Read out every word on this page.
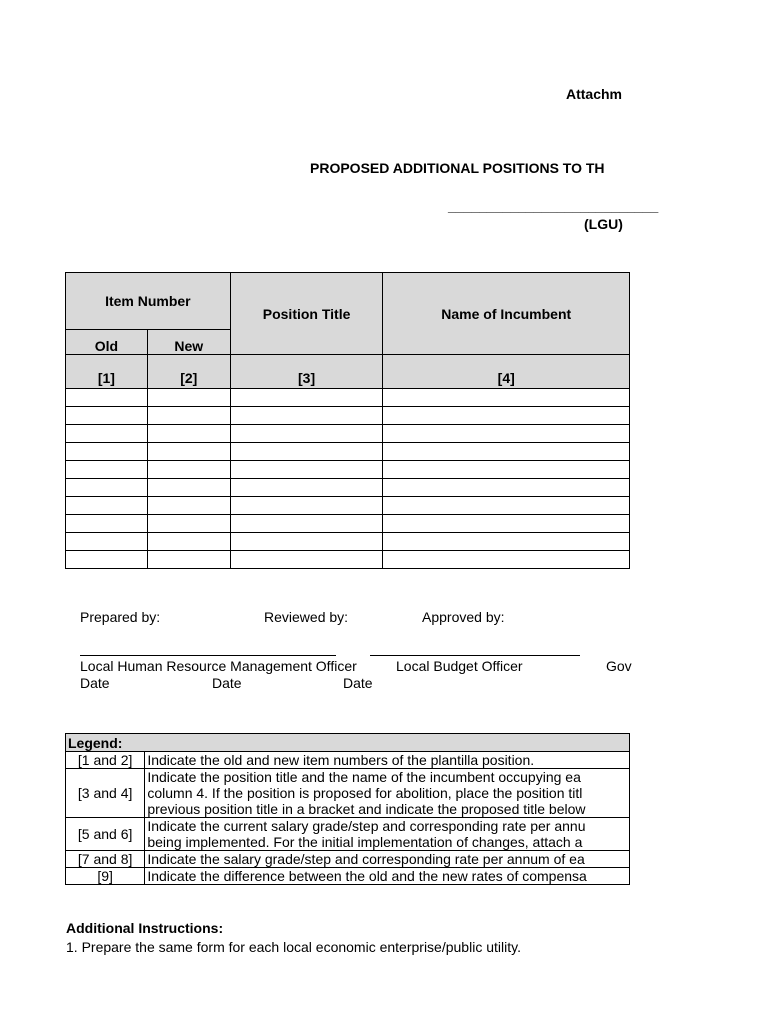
Attachm
PROPOSED ADDITIONAL POSITIONS TO TH
___________________________
(LGU)
Item Number		Position Title	Name of Incumbent
Old	New		
[1]	[2]	[3]	[4]

Prepared by:	Reviewed by:	Approved by:
Local Human Resource Management Officer	Local Budget Officer	Gov
Date	Date	Date
Legend:	
[1 and 2]	Indicate the old and new item numbers of the plantilla position.

[3 and 4]	Indicate the position title and the name of the incumbent occupying ea
column 4. If the position is proposed for abolition, place the position titl
previous position title in a bracket and indicate the proposed title below

[5 and 6]	Indicate the current salary grade/step and corresponding rate per annu
being implemented. For the initial implementation of changes, attach a

[7 and 8]	Indicate the salary grade/step and corresponding rate per annum of ea

[9]	Indicate the difference between the old and the new rates of compensa
Additional Instructions:
1. Prepare the same form for each local economic enterprise/public utility.
